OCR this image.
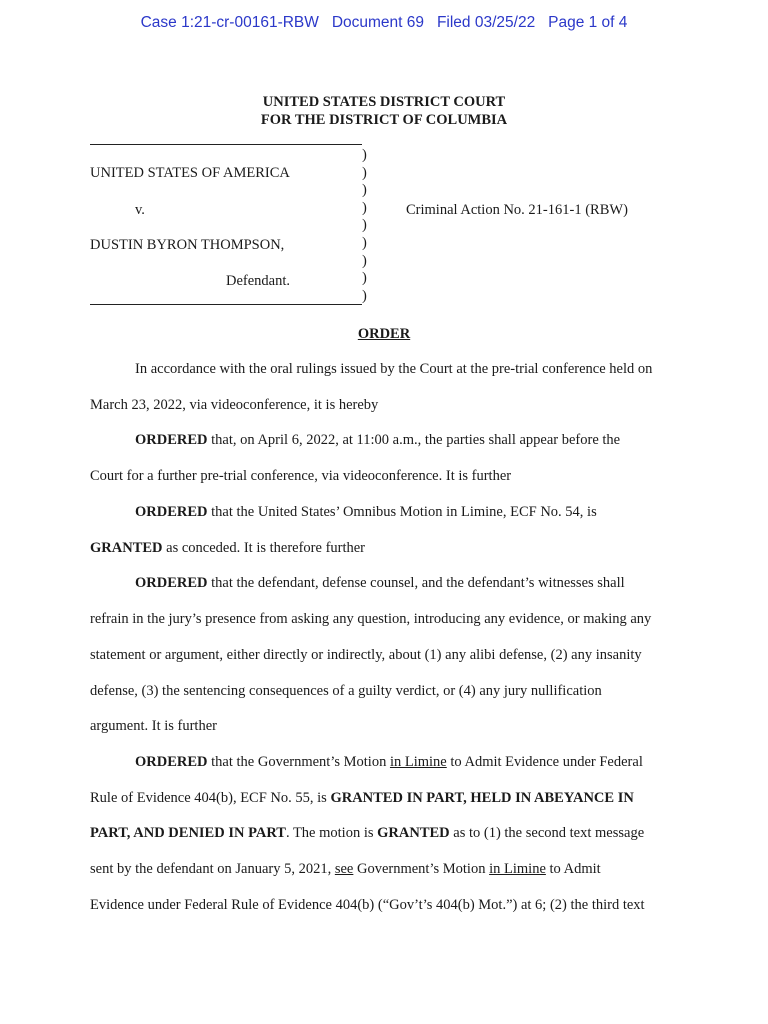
Case 1:21-cr-00161-RBW Document 69 Filed 03/25/22 Page 1 of 4
UNITED STATES DISTRICT COURT
FOR THE DISTRICT OF COLUMBIA
UNITED STATES OF AMERICA
v.
DUSTIN BYRON THOMPSON,
Defendant.
Criminal Action No. 21-161-1 (RBW)
)
)
)
)
)
)
)
)
)
ORDER
In accordance with the oral rulings issued by the Court at the pre-trial conference held on
March 23, 2022, via videoconference, it is hereby
ORDERED that, on April 6, 2022, at 11:00 a.m., the parties shall appear before the
Court for a further pre-trial conference, via videoconference. It is further
ORDERED that the United States’ Omnibus Motion in Limine, ECF No. 54, is
GRANTED as conceded. It is therefore further
ORDERED that the defendant, defense counsel, and the defendant’s witnesses shall
refrain in the jury’s presence from asking any question, introducing any evidence, or making any
statement or argument, either directly or indirectly, about (1) any alibi defense, (2) any insanity
defense, (3) the sentencing consequences of a guilty verdict, or (4) any jury nullification
argument. It is further
ORDERED that the Government’s Motion in Limine to Admit Evidence under Federal
Rule of Evidence 404(b), ECF No. 55, is GRANTED IN PART, HELD IN ABEYANCE IN
PART, AND DENIED IN PART. The motion is GRANTED as to (1) the second text message
sent by the defendant on January 5, 2021, see Government’s Motion in Limine to Admit
Evidence under Federal Rule of Evidence 404(b) (“Gov’t’s 404(b) Mot.”) at 6; (2) the third text
